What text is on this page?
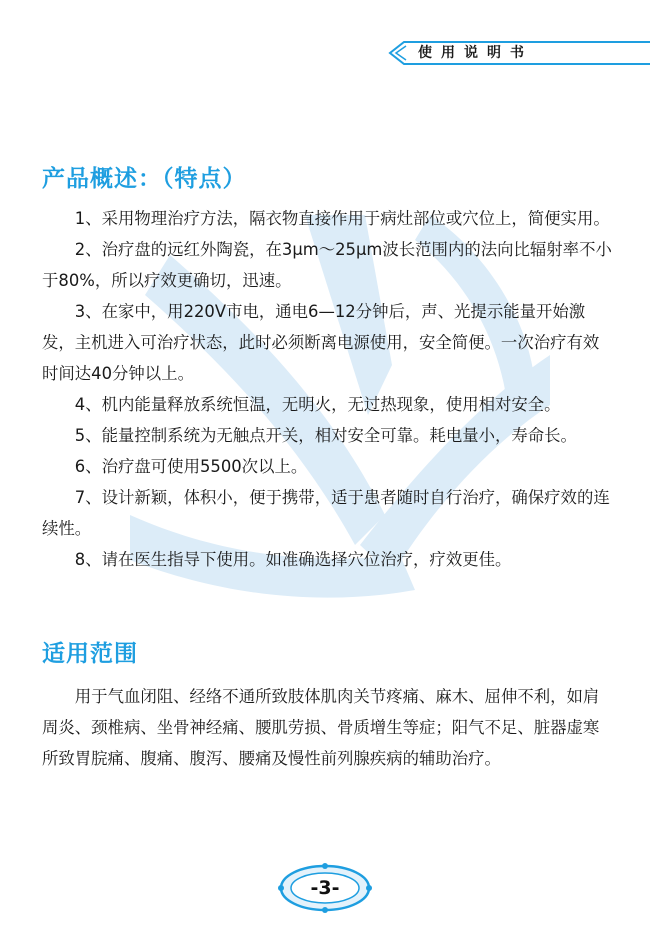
使用说明书
产品概述：（特点）

1、采用物理治疗方法，隔衣物直接作用于病灶部位或穴位上，简便实用。

2、治疗盘的远红外陶瓷，在3μm～25μm波长范围内的法向比辐射率不小于80%，所以疗效更确切，迅速。

3、在家中，用220V市电，通电6—12分钟后，声、光提示能量开始激发，主机进入可治疗状态，此时必须断离电源使用，安全简便。一次治疗有效时间达40分钟以上。

4、机内能量释放系统恒温，无明火，无过热现象，使用相对安全。

5、能量控制系统为无触点开关，相对安全可靠。耗电量小，寿命长。

6、治疗盘可使用5500次以上。

7、设计新颖，体积小，便于携带，适于患者随时自行治疗，确保疗效的连续性。

8、请在医生指导下使用。如准确选择穴位治疗，疗效更佳。

适用范围

用于气血闭阻、经络不通所致肢体肌肉关节疼痛、麻木、屈伸不利，如肩周炎、颈椎病、坐骨神经痛、腰肌劳损、骨质增生等症；阳气不足、脏器虚寒所致胃脘痛、腹痛、腹泻、腰痛及慢性前列腺疾病的辅助治疗。

-3-
